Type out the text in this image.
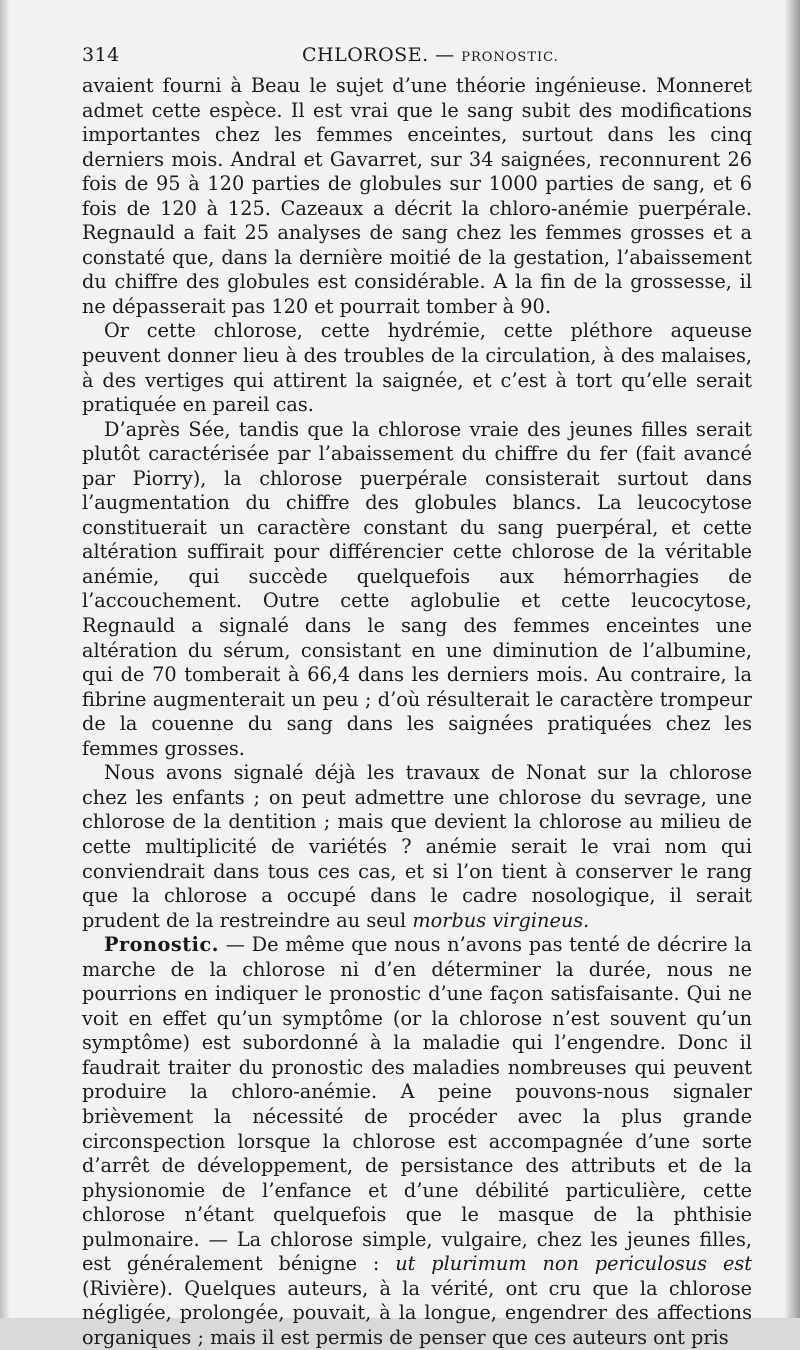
314	CHLOROSE. — PRONOSTIC.

avaient fourni à Beau le sujet d’une théorie ingénieuse. Monneret admet cette espèce. Il est vrai que le sang subit des modifications importantes chez les femmes enceintes, surtout dans les cinq derniers mois. Andral et Gavarret, sur 34 saignées, reconnurent 26 fois de 95 à 120 parties de globules sur 1000 parties de sang, et 6 fois de 120 à 125. Cazeaux a décrit la chloro-anémie puerpérale. Regnauld a fait 25 analyses de sang chez les femmes grosses et a constaté que, dans la dernière moitié de la gestation, l’abaissement du chiffre des globules est considérable. A la fin de la grossesse, il ne dépasserait pas 120 et pourrait tomber à 90.

Or cette chlorose, cette hydrémie, cette pléthore aqueuse peuvent donner lieu à des troubles de la circulation, à des malaises, à des vertiges qui attirent la saignée, et c’est à tort qu’elle serait pratiquée en pareil cas.

D’après Sée, tandis que la chlorose vraie des jeunes filles serait plutôt caractérisée par l’abaissement du chiffre du fer (fait avancé par Piorry), la chlorose puerpérale consisterait surtout dans l’augmentation du chiffre des globules blancs. La leucocytose constituerait un caractère constant du sang puerpéral, et cette altération suffirait pour différencier cette chlorose de la véritable anémie, qui succède quelquefois aux hémorrhagies de l’accouchement. Outre cette aglobulie et cette leucocytose, Regnauld a signalé dans le sang des femmes enceintes une altération du sérum, consistant en une diminution de l’albumine, qui de 70 tomberait à 66,4 dans les derniers mois. Au contraire, la fibrine augmenterait un peu ; d’où résulterait le caractère trompeur de la couenne du sang dans les saignées pratiquées chez les femmes grosses.

Nous avons signalé déjà les travaux de Nonat sur la chlorose chez les enfants ; on peut admettre une chlorose du sevrage, une chlorose de la dentition ; mais que devient la chlorose au milieu de cette multiplicité de variétés ? anémie serait le vrai nom qui conviendrait dans tous ces cas, et si l’on tient à conserver le rang que la chlorose a occupé dans le cadre nosologique, il serait prudent de la restreindre au seul morbus virgineus.

Pronostic. — De même que nous n’avons pas tenté de décrire la marche de la chlorose ni d’en déterminer la durée, nous ne pourrions en indiquer le pronostic d’une façon satisfaisante. Qui ne voit en effet qu’un symptôme (or la chlorose n’est souvent qu’un symptôme) est subordonné à la maladie qui l’engendre. Donc il faudrait traiter du pronostic des maladies nombreuses qui peuvent produire la chloro-anémie. A peine pouvons-nous signaler brièvement la nécessité de procéder avec la plus grande circonspection lorsque la chlorose est accompagnée d’une sorte d’arrêt de développement, de persistance des attributs et de la physionomie de l’enfance et d’une débilité particulière, cette chlorose n’étant quelquefois que le masque de la phthisie pulmonaire. — La chlorose simple, vulgaire, chez les jeunes filles, est généralement bénigne : ut plurimum non periculosus est (Rivière). Quelques auteurs, à la vérité, ont cru que la chlorose négligée, prolongée, pouvait, à la longue, engendrer des affections organiques ; mais il est permis de penser que ces auteurs ont pris
